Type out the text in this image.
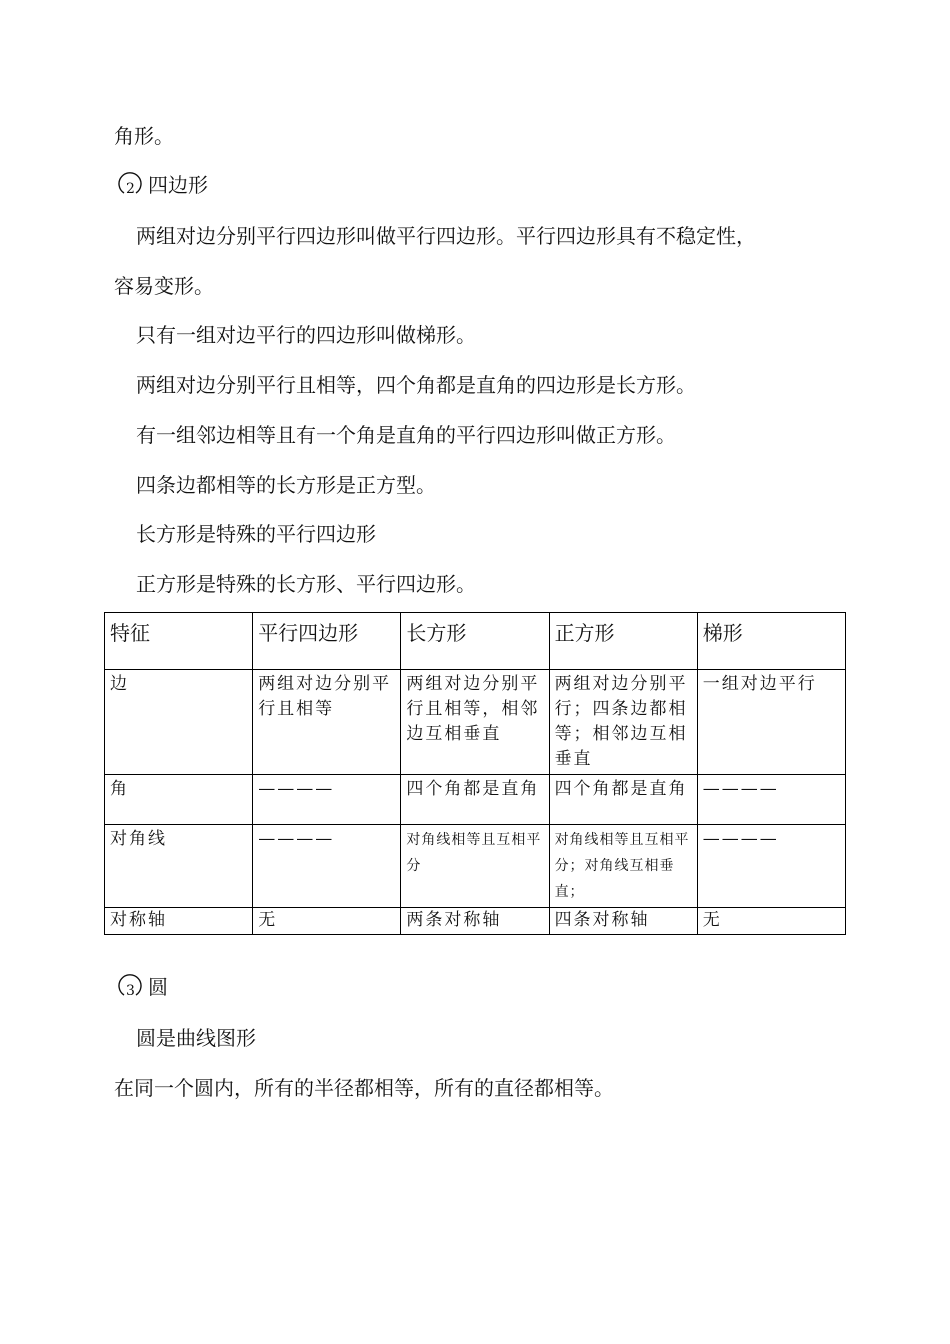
角形。
2 四边形
两组对边分别平行四边形叫做平行四边形。平行四边形具有不稳定性，
容易变形。
只有一组对边平行的四边形叫做梯形。
两组对边分别平行且相等，四个角都是直角的四边形是长方形。
有一组邻边相等且有一个角是直角的平行四边形叫做正方形。
四条边都相等的长方形是正方型。
长方形是特殊的平行四边形
正方形是特殊的长方形、平行四边形。
特征	平行四边形	长方形	正方形	梯形
边	两组对边分别平行且相等	两组对边分别平行且相等，相邻边互相垂直	两组对边分别平行；四条边都相等；相邻边互相垂直	一组对边平行
角	————	四个角都是直角	四个角都是直角	————
对角线	————	对角线相等且互相平分	对角线相等且互相平分；对角线互相垂直；	————
对称轴	无	两条对称轴	四条对称轴	无
3 圆
圆是曲线图形
在同一个圆内，所有的半径都相等，所有的直径都相等。
